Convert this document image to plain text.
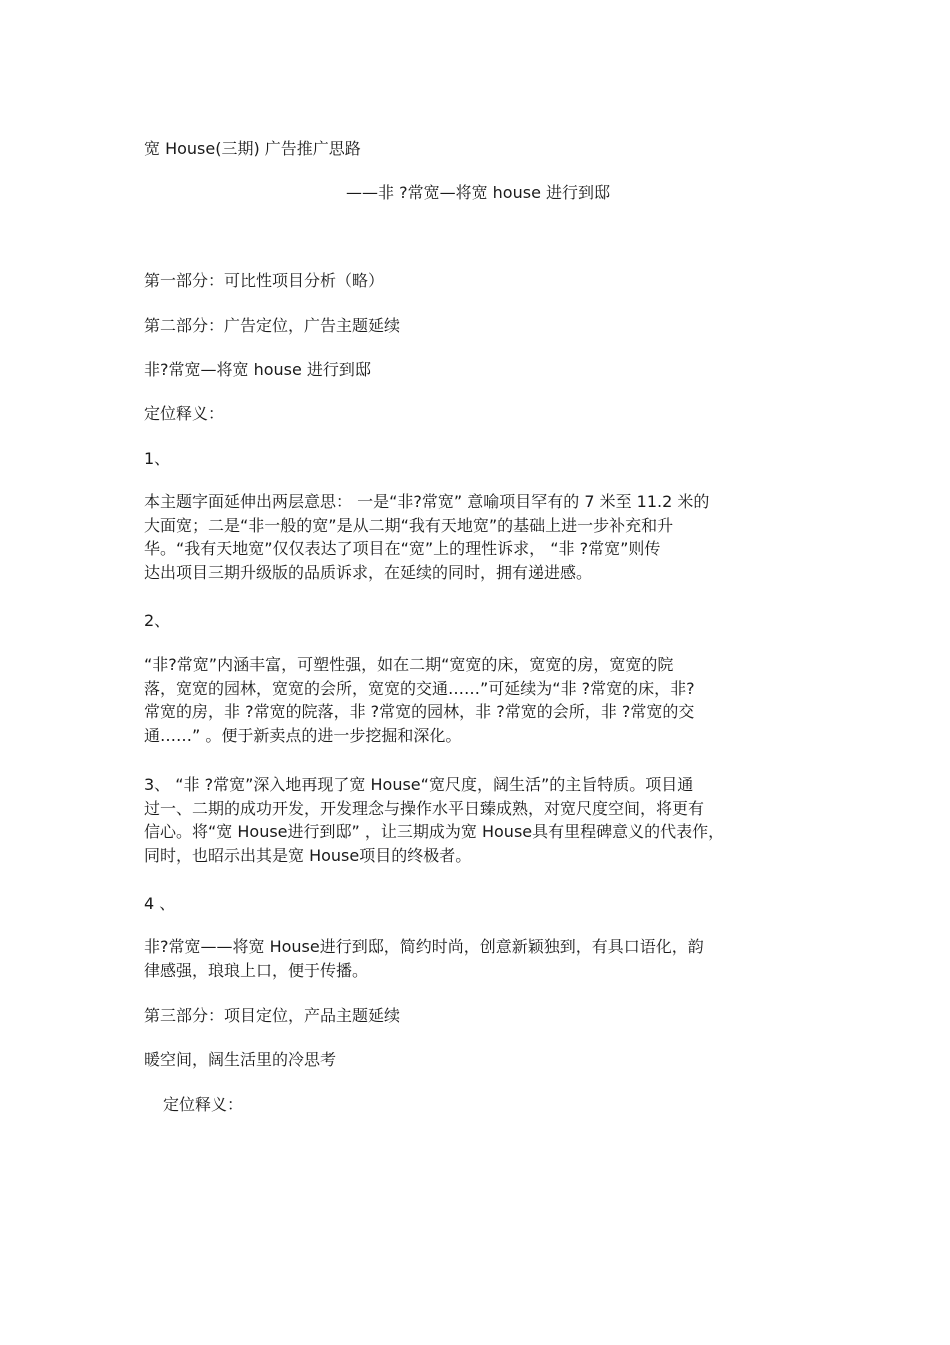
宽 House(三期) 广告推广思路

——非 ?常宽—将宽 house 进行到邸

第一部分：可比性项目分析（略）

第二部分：广告定位，广告主题延续

非?常宽—将宽 house 进行到邸

定位释义：

1、

本主题字面延伸出两层意思： 一是“非?常宽” 意喻项目罕有的 7 米至 11.2 米的
大面宽；二是“非一般的宽”是从二期“我有天地宽”的基础上进一步补充和升
华。“我有天地宽”仅仅表达了项目在“宽”上的理性诉求， “非 ?常宽”则传
达出项目三期升级版的品质诉求，在延续的同时，拥有递进感。

2、

“非?常宽”内涵丰富，可塑性强，如在二期“宽宽的床，宽宽的房，宽宽的院
落，宽宽的园林，宽宽的会所，宽宽的交通……”可延续为“非 ?常宽的床，非?
常宽的房，非 ?常宽的院落，非 ?常宽的园林，非 ?常宽的会所，非 ?常宽的交
通……” 。便于新卖点的进一步挖掘和深化。
3、 “非 ?常宽”深入地再现了宽 House“宽尺度，阔生活”的主旨特质。项目通
过一、二期的成功开发，开发理念与操作水平日臻成熟，对宽尺度空间，将更有
信心。将“宽 House进行到邸” ，让三期成为宽 House具有里程碑意义的代表作，
同时，也昭示出其是宽 House项目的终极者。

4 、

非?常宽——将宽 House进行到邸，简约时尚，创意新颖独到，有具口语化，韵
律感强，琅琅上口，便于传播。

第三部分：项目定位，产品主题延续

暖空间，阔生活里的冷思考

定位释义：
